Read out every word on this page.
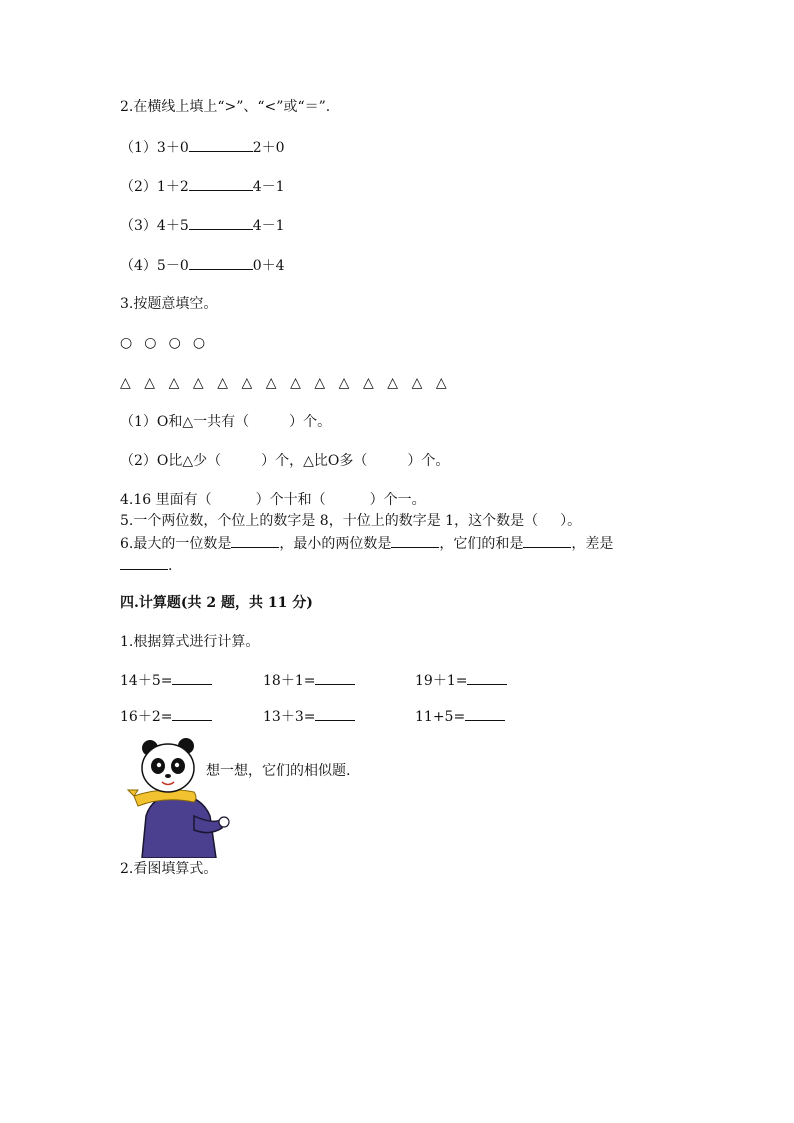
2.在横线上填上“>”、“<”或“＝”.
（1）3＋0	2＋0
（2）1＋2	4－1
（3）4＋5	4－1
（4）5－0	0＋4
3.按题意填空。
○ ○ ○ ○
△ △ △ △ △ △ △ △ △ △ △ △ △ △
（1）O和△一共有（	）个。
（2）O比△少（	）个，△比O多（	）个。
4.16 里面有（	）个十和（	）个一。
5.一个两位数，个位上的数字是 8，十位上的数字是 1，这个数是（ ）。
6.最大的一位数是	，最小的两位数是	，它们的和是	，差是
.
四.计算题(共 2 题，共 11 分)
1.根据算式进行计算。
14＋5=	18＋1=	19＋1=
16＋2=	13＋3=	11+5=
想一想，它们的相似题.
2.看图填算式。
